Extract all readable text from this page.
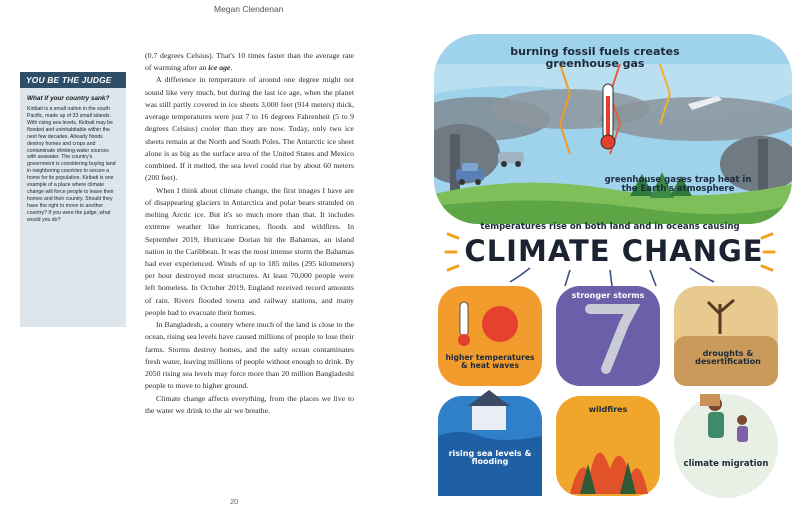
Megan Clendenan
YOU BE THE JUDGE
What if your country sank?
Kiribati is a small nation in the south Pacific, made up of 33 small islands. With rising sea levels, Kiribati may be flooded and uninhabitable within the next few decades. Already floods destroy homes and crops and contaminate drinking-water sources with seawater. The country's government is considering buying land in neighboring countries to secure a home for its population. Kiribati is one example of a place where climate change will force people to leave their homes and their country. Should they have the right to move to another country? If you were the judge, what would you do?

(0.7 degrees Celsius). That's 10 times faster than the average rate of warming after an ice age.

A difference in temperature of around one degree might not sound like very much, but during the last ice age, when the planet was still partly covered in ice sheets 3,000 feet (914 meters) thick, average temperatures were just 7 to 16 degrees Fahrenheit (5 to 9 degrees Celsius) cooler than they are now. Today, only two ice sheets remain at the North and South Poles. The Antarctic ice sheet alone is as big as the surface area of the United States and Mexico combined. If it melted, the sea level could rise by about 60 meters (200 feet).

When I think about climate change, the first images I have are of disappearing glaciers in Antarctica and polar bears stranded on melting Arctic ice. But it's so much more than that. It includes extreme weather like hurricanes, floods and wildfires. In September 2019, Hurricane Dorian hit the Bahamas, an island nation in the Caribbean. It was the most intense storm the Bahamas had ever experienced. Winds of up to 185 miles (295 kilometers) per hour destroyed most structures. At least 70,000 people were left homeless. In October 2019, England received record amounts of rain. Rivers flooded towns and railway stations, and many people had to evacuate their homes.

In Bangladesh, a country where much of the land is close to the ocean, rising sea levels have caused millions of people to lose their farms. Storms destroy homes, and the salty ocean contaminates fresh water, leaving millions of people without enough to drink. By 2050 rising sea levels may force more than 20 million Bangladeshi people to move to higher ground.

Climate change affects everything, from the places we live to the water we drink to the air we breathe.

20
burning fossil fuels creates greenhouse gas
greenhouse gases trap heat in the Earth's atmosphere
temperatures rise on both land and in oceans causing
CLIMATE CHANGE
higher temperatures & heat waves
stronger storms
droughts & desertification
rising sea levels & flooding
wildfires
climate migration
